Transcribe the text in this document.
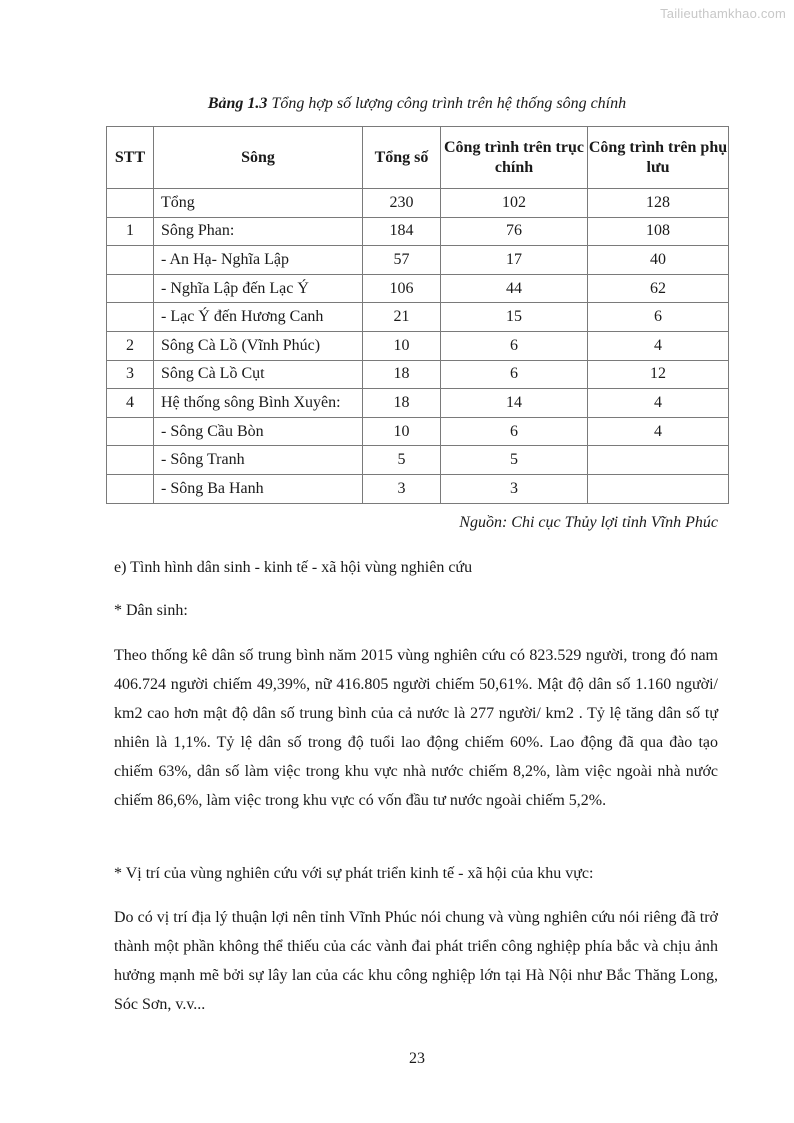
Tailieuthamkhao.com
Bảng 1.3 Tổng hợp số lượng công trình trên hệ thống sông chính
STT	Sông	Tổng số	Công trình trên trục chính	Công trình trên phụ lưu
	Tổng	230	102	128
1	Sông Phan:	184	76	108
	- An Hạ- Nghĩa Lập	57	17	40
	- Nghĩa Lập đến Lạc Ý	106	44	62
	- Lạc Ý đến Hương Canh	21	15	6
2	Sông Cà Lồ (Vĩnh Phúc)	10	6	4
3	Sông Cà Lồ Cụt	18	6	12
4	Hệ thống sông Bình Xuyên:	18	14	4
	- Sông Cầu Bòn	10	6	4
	- Sông Tranh	5	5	
	- Sông Ba Hanh	3	3	
Nguồn: Chi cục Thủy lợi tỉnh Vĩnh Phúc
e) Tình hình dân sinh - kinh tế - xã hội vùng nghiên cứu
* Dân sinh:
Theo thống kê dân số trung bình năm 2015 vùng nghiên cứu có 823.529 người, trong đó nam 406.724 người chiếm 49,39%, nữ 416.805 người chiếm 50,61%. Mật độ dân số 1.160 người/ km2 cao hơn mật độ dân số trung bình của cả nước là 277 người/ km2 . Tỷ lệ tăng dân số tự nhiên là 1,1%. Tỷ lệ dân số trong độ tuổi lao động chiếm 60%. Lao động đã qua đào tạo chiếm 63%, dân số làm việc trong khu vực nhà nước chiếm 8,2%, làm việc ngoài nhà nước chiếm 86,6%, làm việc trong khu vực có vốn đầu tư nước ngoài chiếm 5,2%.
* Vị trí của vùng nghiên cứu với sự phát triển kinh tế - xã hội của khu vực:
Do có vị trí địa lý thuận lợi nên tỉnh Vĩnh Phúc nói chung và vùng nghiên cứu nói riêng đã trở thành một phần không thể thiếu của các vành đai phát triển công nghiệp phía bắc và chịu ảnh hưởng mạnh mẽ bởi sự lây lan của các khu công nghiệp lớn tại Hà Nội như Bắc Thăng Long, Sóc Sơn, v.v...
23
